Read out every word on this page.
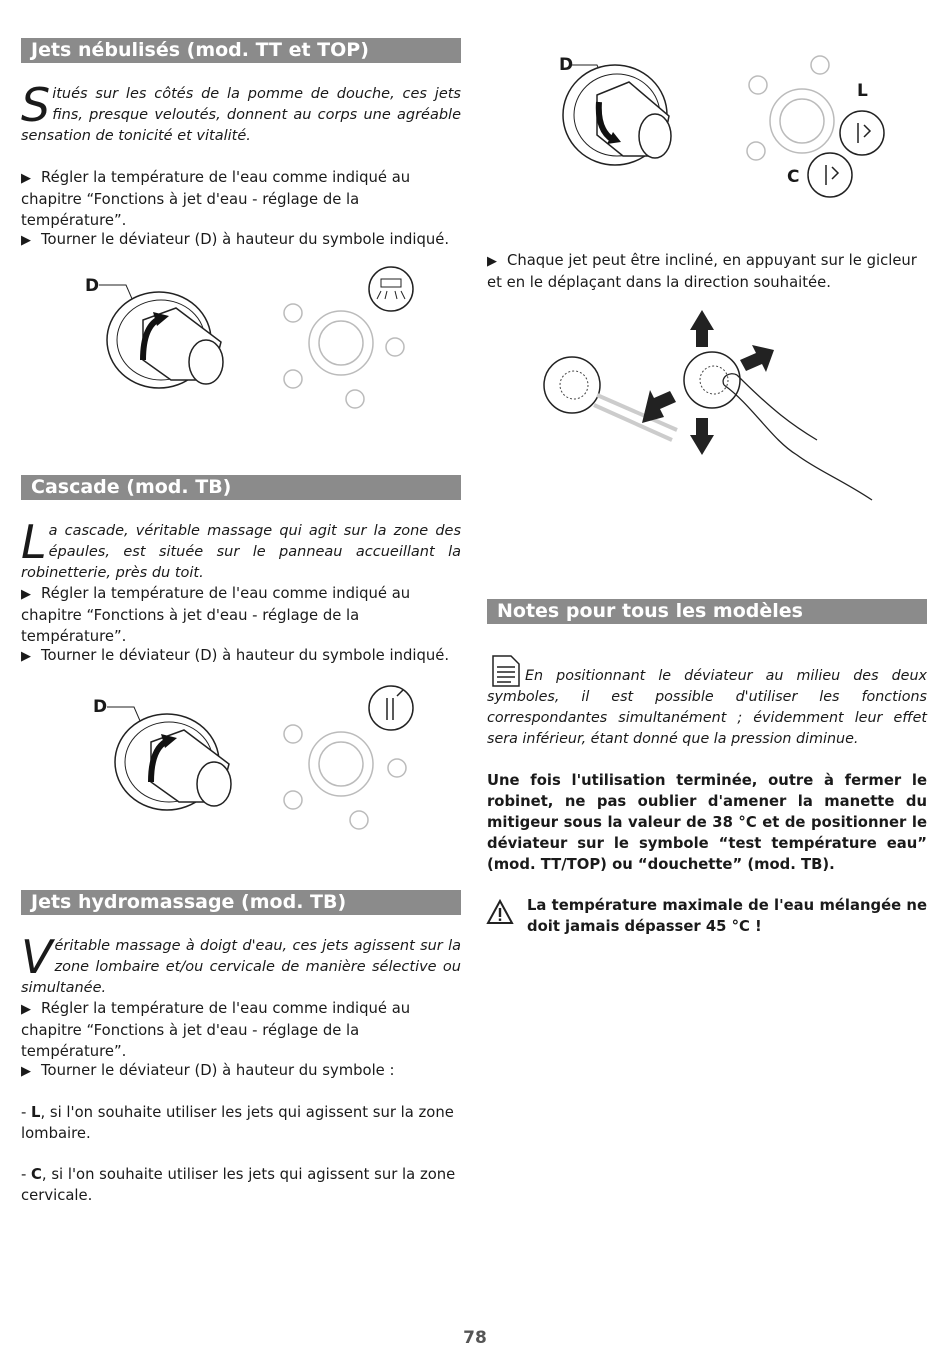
Jets nébulisés (mod. TT et TOP)
Situés sur les côtés de la pomme de douche, ces jets fins, presque veloutés, donnent au corps une agréable sensation de tonicité et vitalité.
▶ Régler la température de l'eau comme indiqué au chapitre “Fonctions à jet d'eau - réglage de la température”.
▶ Tourner le déviateur (D) à hauteur du symbole indiqué.
D
Cascade (mod. TB)
La cascade, véritable massage qui agit sur la zone des épaules, est située sur le panneau accueillant la robinetterie, près du toit.
▶ Régler la température de l'eau comme indiqué au chapitre “Fonctions à jet d'eau - réglage de la température”.
▶ Tourner le déviateur (D) à hauteur du symbole indiqué.
D
Jets hydromassage (mod. TB)
Véritable massage à doigt d'eau, ces jets agissent sur la zone lombaire et/ou cervicale de manière sélective ou simultanée.
▶ Régler la température de l'eau comme indiqué au chapitre “Fonctions à jet d'eau - réglage de la température”.
▶ Tourner le déviateur (D) à hauteur du symbole :
- L, si l'on souhaite utiliser les jets qui agissent sur la zone lombaire.
- C, si l'on souhaite utiliser les jets qui agissent sur la zone cervicale.
D
L
C
▶ Chaque jet peut être incliné, en appuyant sur le gicleur et en le déplaçant dans la direction souhaitée.
Notes pour tous les modèles
En positionnant le déviateur au milieu des deux symboles, il est possible d'utiliser les fonctions correspondantes simultanément ; évidemment leur effet sera inférieur, étant donné que la pression diminue.
Une fois l'utilisation terminée, outre à fermer le robinet, ne pas oublier d'amener la manette du mitigeur sous la valeur de 38 °C et de positionner le déviateur sur le symbole “test température eau” (mod. TT/TOP) ou “douchette” (mod. TB).
La température maximale de l'eau mélangée ne doit jamais dépasser 45 °C !
78
